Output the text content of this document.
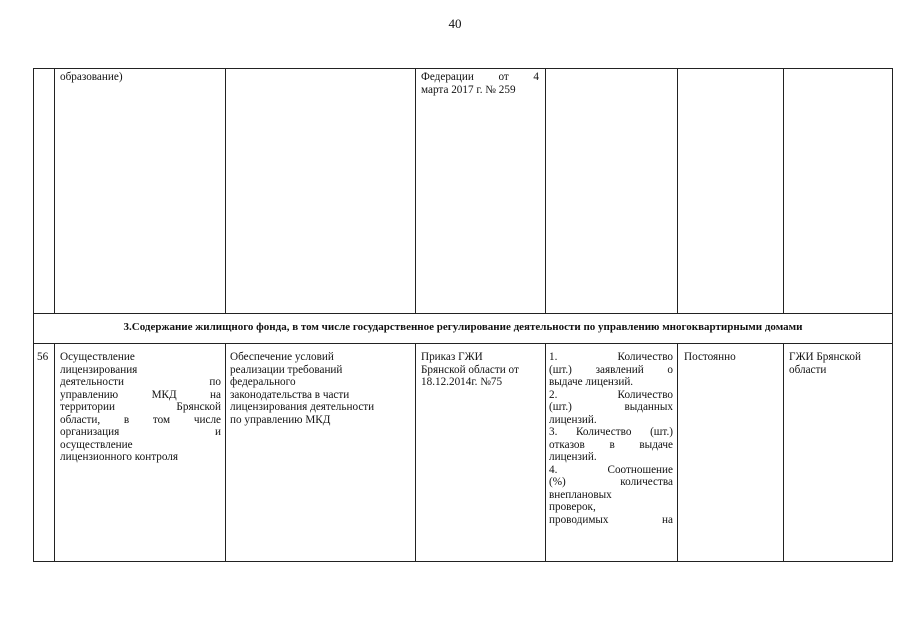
40
образование)	Федерации от 4
марта 2017 г. № 259
3.Содержание жилищного фонда, в том числе государственное регулирование деятельности по управлению многоквартирными домами
56 Осуществление
лицензирования
деятельности по
управлению МКД на
территории Брянской
области, в том числе
организация и
осуществление
лицензионного контроля
Обеспечение условий
реализации требований
федерального
законодательства в части
лицензирования деятельности
по управлению МКД
Приказ ГЖИ
Брянской области от
18.12.2014г. №75
1. Количество
(шт.) заявлений о
выдаче лицензий.
2. Количество
(шт.) выданных
лицензий.
3. Количество (шт.)
отказов в выдаче
лицензий.
4. Соотношение
(%) количества
внеплановых
проверок,
проводимых на
Постоянно	ГЖИ Брянской
области
